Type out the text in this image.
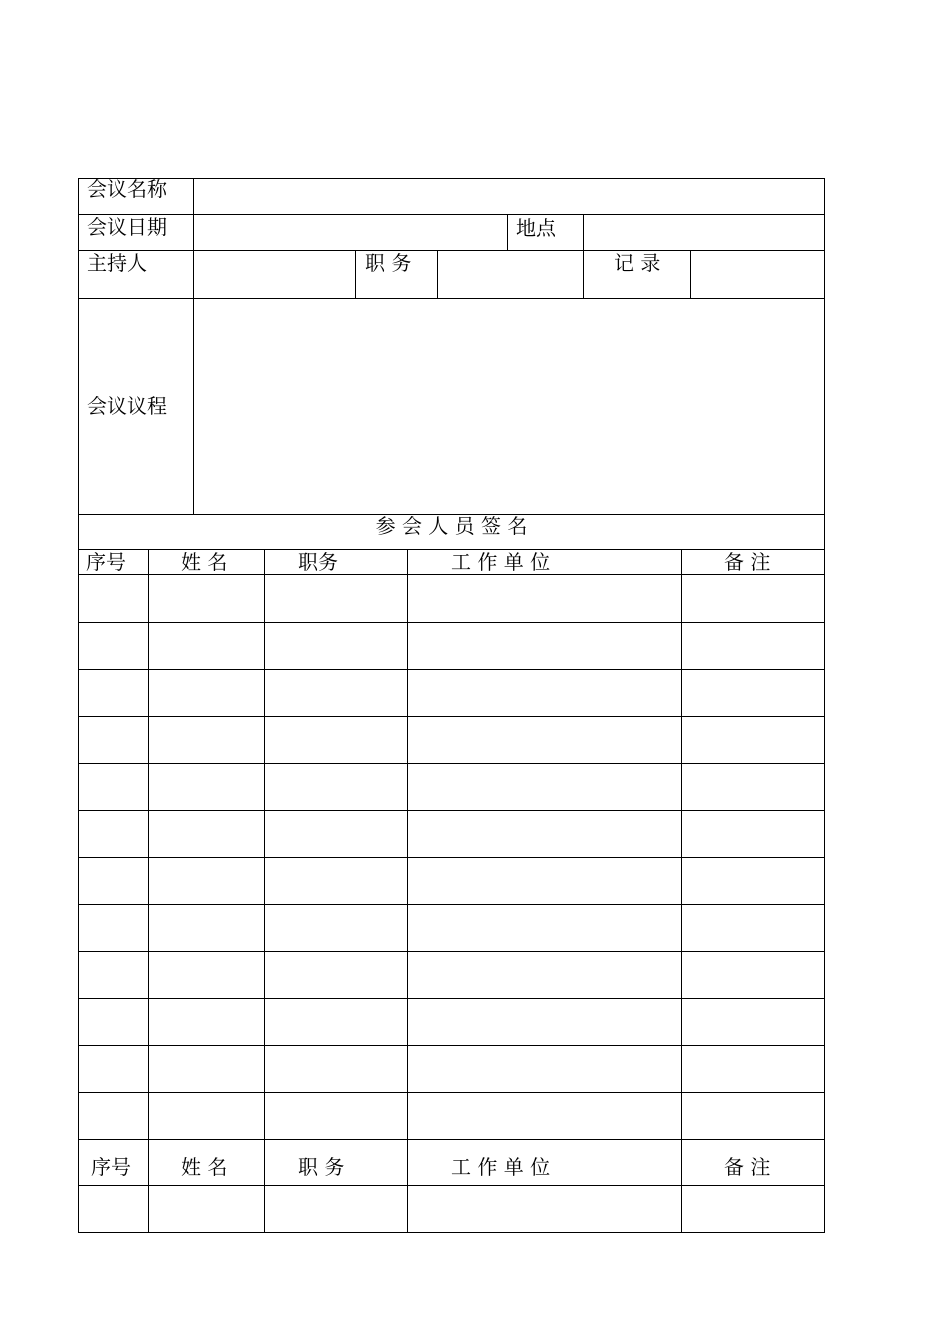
会议名称
会议日期	地点
主持人	职 务	记 录
会议议程
参 会 人 员 签 名
序号	姓 名	职务	工 作 单 位	备 注
序号	姓 名	职 务	工 作 单 位	备 注
